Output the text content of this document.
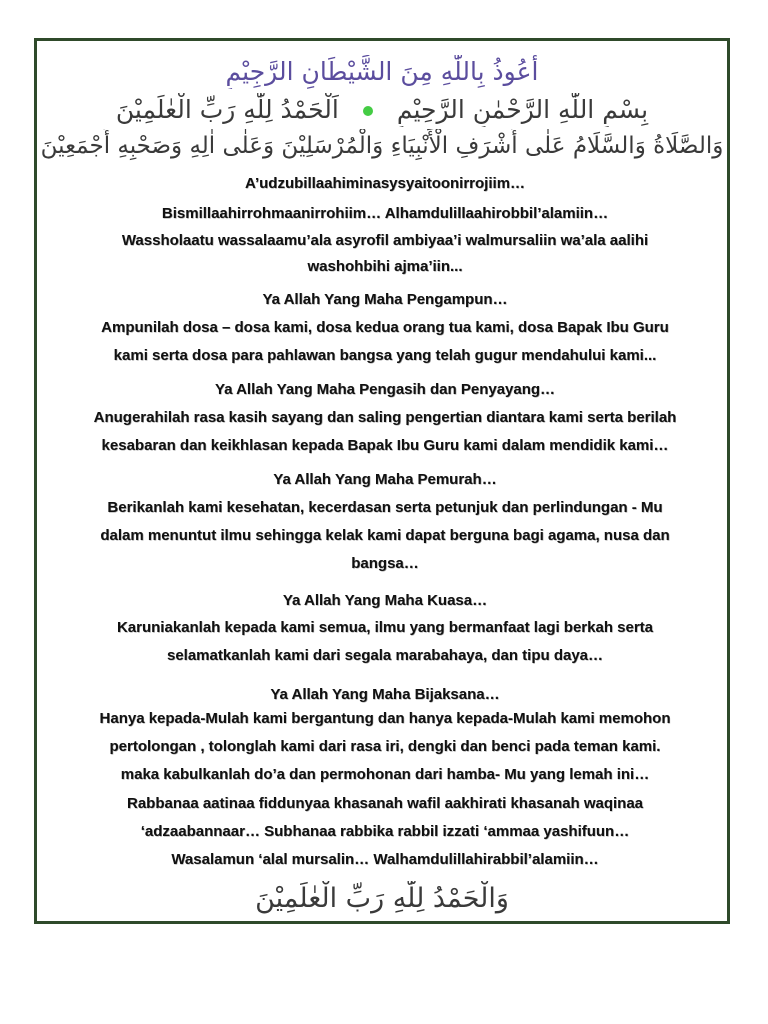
أَعُوذُ بِاللّٰهِ مِنَ الشَّيْطَانِ الرَّجِيْمِ
اَلْحَمْدُ لِلّٰهِ رَبِّ الْعٰلَمِيْنَ بِسْمِ اللّٰهِ الرَّحْمٰنِ الرَّحِيْمِ
وَالصَّلَاةُ وَالسَّلَامُ عَلٰى أَشْرَفِ الْأَنْبِيَاءِ وَالْمُرْسَلِيْنَ وَعَلٰى اٰلِهِ وَصَحْبِهِ أَجْمَعِيْنَ
A’udzubillaahiminasysyaitoonirrojiim…
Bismillaahirrohmaanirrohiim… Alhamdulillaahirobbil’alamiin…
Wassholaatu wassalaamu’ala asyrofil ambiyaa’i walmursaliin wa’ala aalihi
washohbihi ajma’iin...
Ya Allah Yang Maha Pengampun…
Ampunilah dosa – dosa kami, dosa kedua orang tua kami, dosa Bapak Ibu Guru
kami serta dosa para pahlawan bangsa yang telah gugur mendahului kami...
Ya Allah Yang Maha Pengasih dan Penyayang…
Anugerahilah rasa kasih sayang dan saling pengertian diantara kami serta berilah
kesabaran dan keikhlasan kepada Bapak Ibu Guru kami dalam mendidik kami…
Ya Allah Yang Maha Pemurah…
Berikanlah kami kesehatan, kecerdasan serta petunjuk dan perlindungan - Mu
dalam menuntut ilmu sehingga kelak kami dapat berguna bagi agama, nusa dan
bangsa…
Ya Allah Yang Maha Kuasa…
Karuniakanlah kepada kami semua, ilmu yang bermanfaat lagi berkah serta
selamatkanlah kami dari segala marabahaya, dan tipu daya…
Ya Allah Yang Maha Bijaksana…
Hanya kepada-Mulah kami bergantung dan hanya kepada-Mulah kami memohon
pertolongan , tolonglah kami dari rasa iri, dengki dan benci pada teman kami.
maka kabulkanlah do’a dan permohonan dari hamba- Mu yang lemah ini…
Rabbanaa aatinaa fiddunyaa khasanah wafil aakhirati khasanah waqinaa
‘adzaabannaar… Subhanaa rabbika rabbil izzati ‘ammaa yashifuun…
Wasalamun ‘alal mursalin… Walhamdulillahirabbil’alamiin…
وَالْحَمْدُ لِلّٰهِ رَبِّ الْعٰلَمِيْنَ
